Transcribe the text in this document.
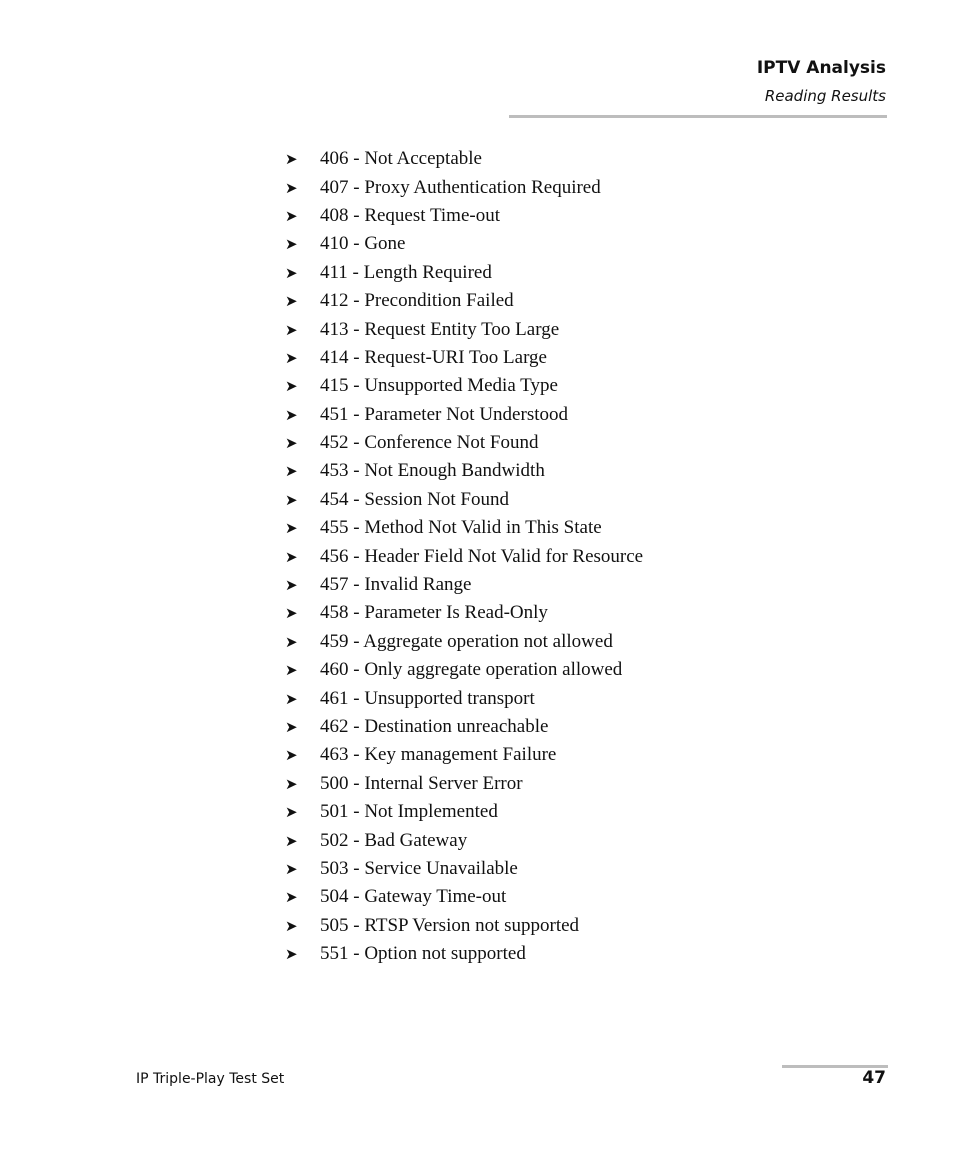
IPTV Analysis
Reading Results
➤	406 - Not Acceptable
➤	407 - Proxy Authentication Required
➤	408 - Request Time-out
➤	410 - Gone
➤	411 - Length Required
➤	412 - Precondition Failed
➤	413 - Request Entity Too Large
➤	414 - Request-URI Too Large
➤	415 - Unsupported Media Type
➤	451 - Parameter Not Understood
➤	452 - Conference Not Found
➤	453 - Not Enough Bandwidth
➤	454 - Session Not Found
➤	455 - Method Not Valid in This State
➤	456 - Header Field Not Valid for Resource
➤	457 - Invalid Range
➤	458 - Parameter Is Read-Only
➤	459 - Aggregate operation not allowed
➤	460 - Only aggregate operation allowed
➤	461 - Unsupported transport
➤	462 - Destination unreachable
➤	463 - Key management Failure
➤	500 - Internal Server Error
➤	501 - Not Implemented
➤	502 - Bad Gateway
➤	503 - Service Unavailable
➤	504 - Gateway Time-out
➤	505 - RTSP Version not supported
➤	551 - Option not supported
IP Triple-Play Test Set	47
